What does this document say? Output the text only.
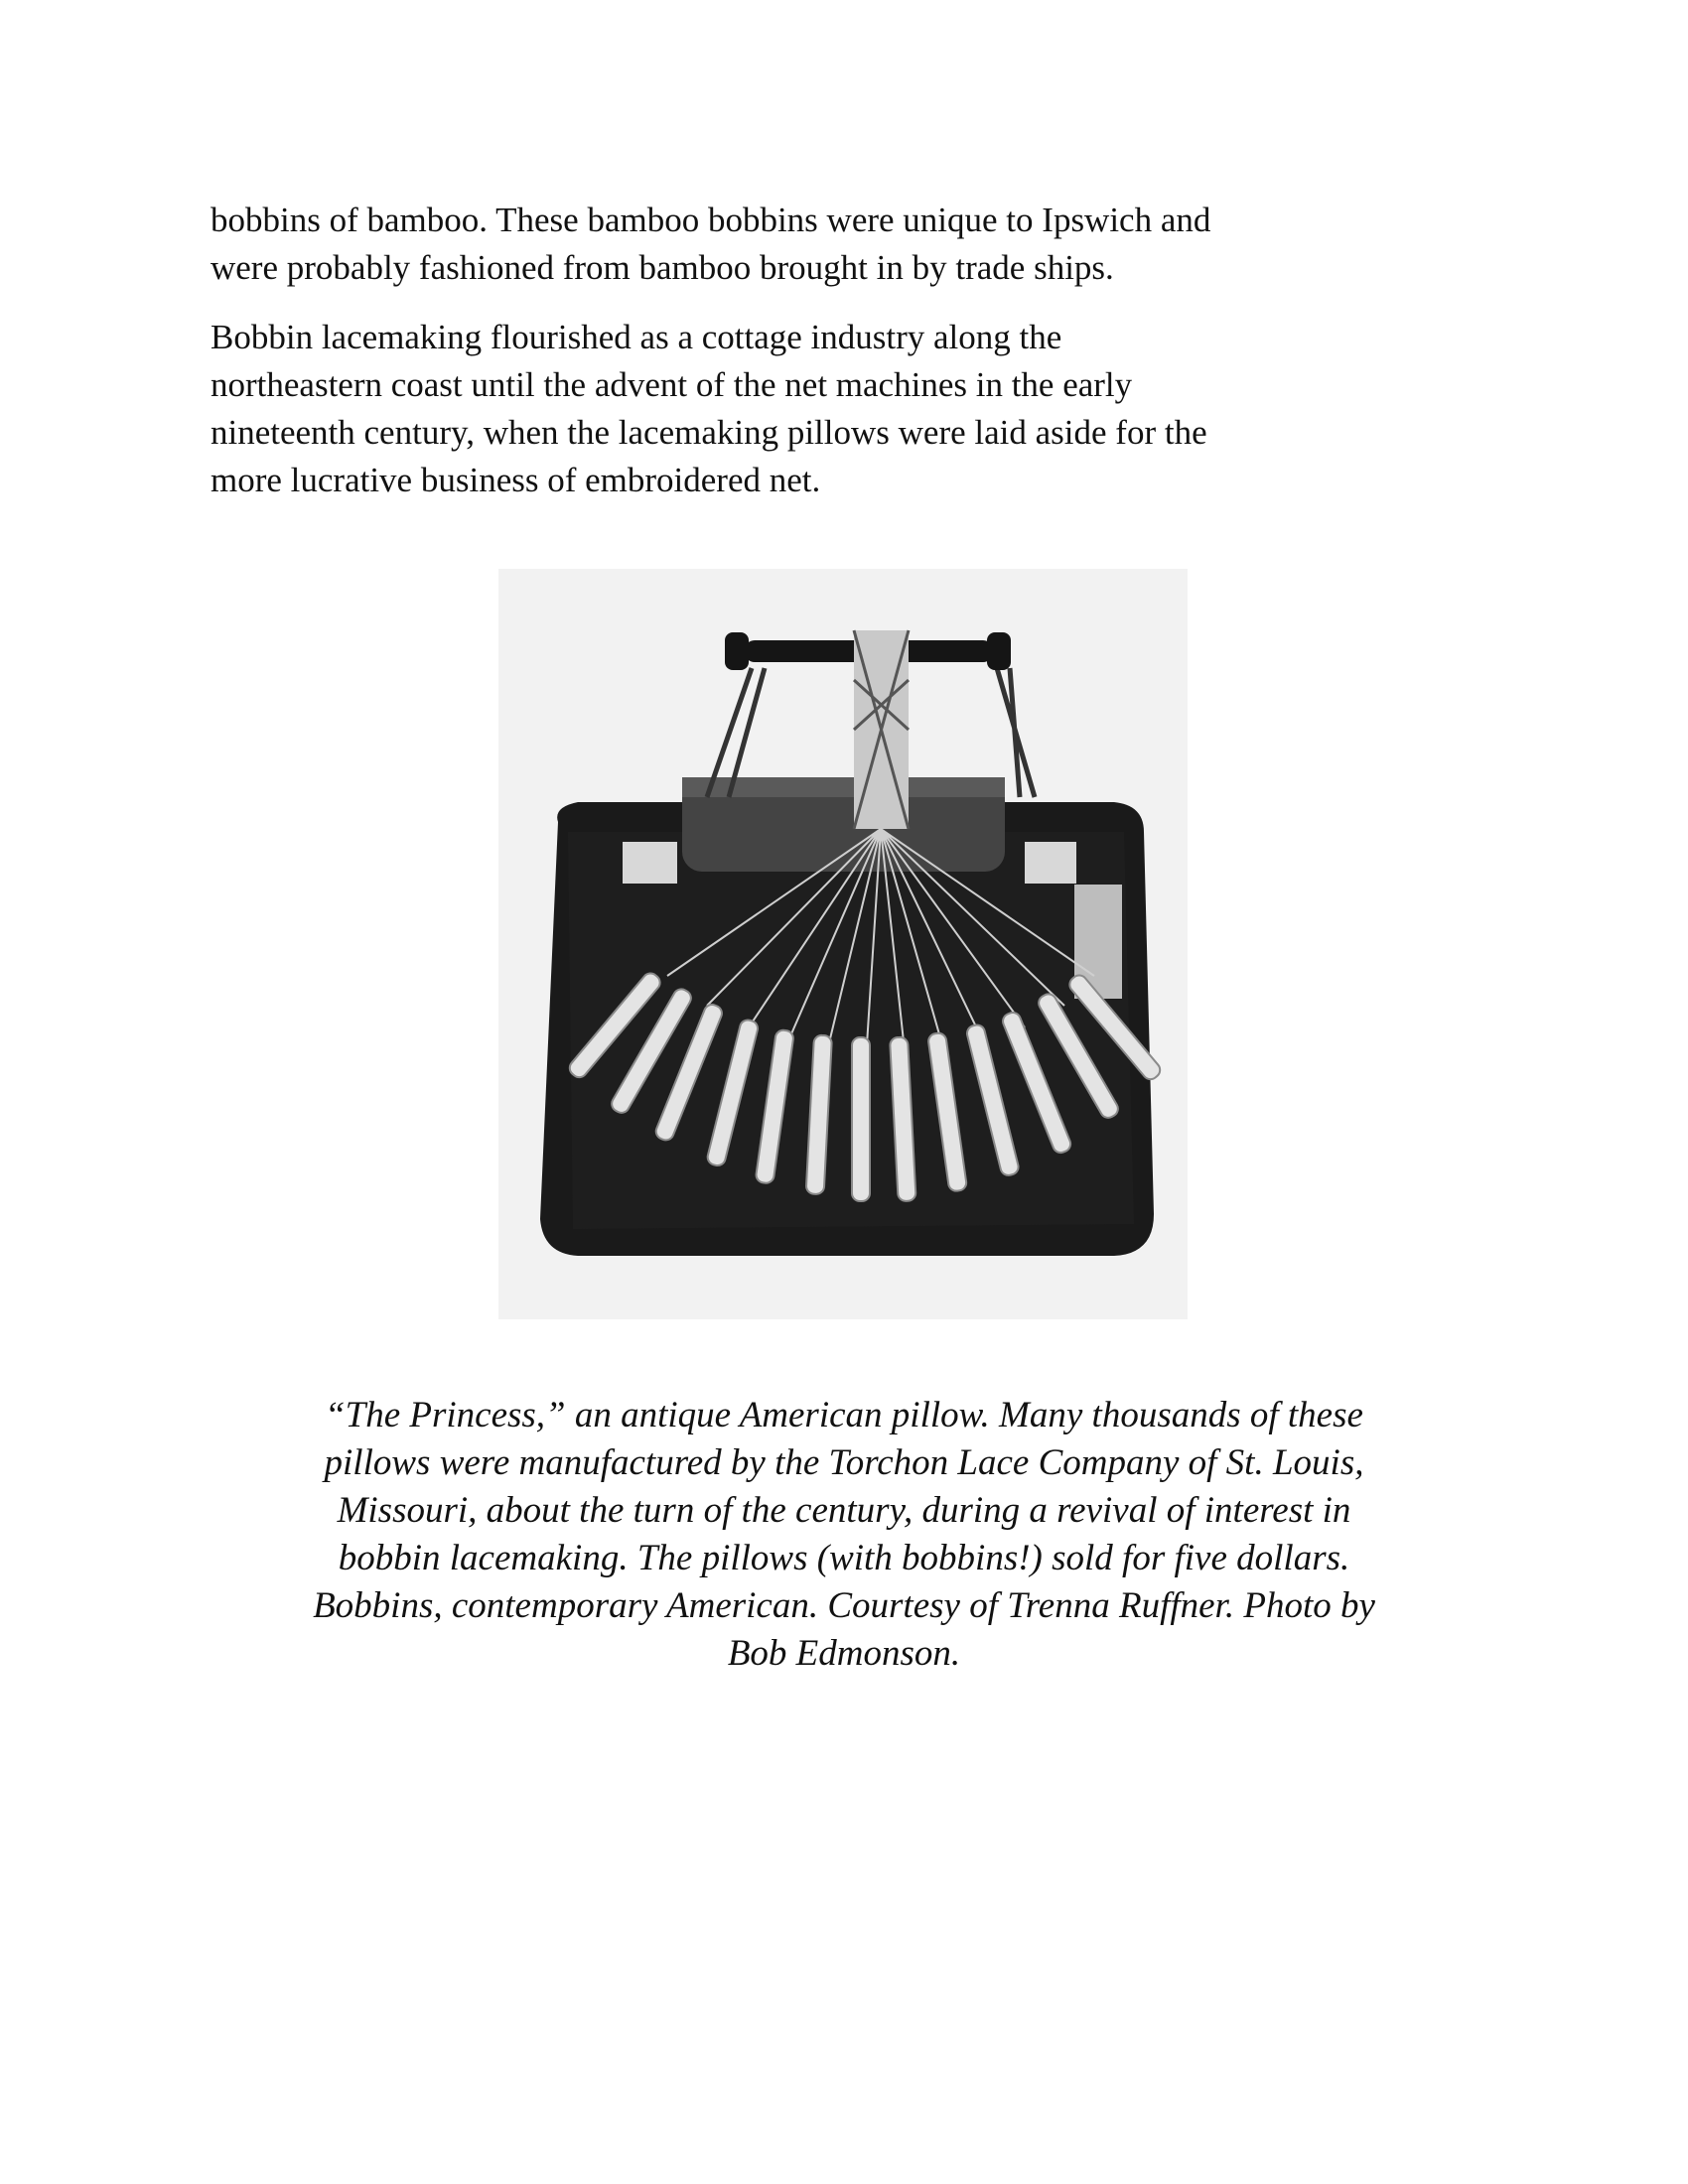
bobbins of bamboo. These bamboo bobbins were unique to Ipswich and
were probably fashioned from bamboo brought in by trade ships.

Bobbin lacemaking flourished as a cottage industry along the
northeastern coast until the advent of the net machines in the early
nineteenth century, when the lacemaking pillows were laid aside for the
more lucrative business of embroidered net.

“The Princess,” an antique American pillow. Many thousands of these
pillows were manufactured by the Torchon Lace Company of St. Louis,
Missouri, about the turn of the century, during a revival of interest in
bobbin lacemaking. The pillows (with bobbins!) sold for five dollars.
Bobbins, contemporary American. Courtesy of Trenna Ruffner. Photo by
Bob Edmonson.
